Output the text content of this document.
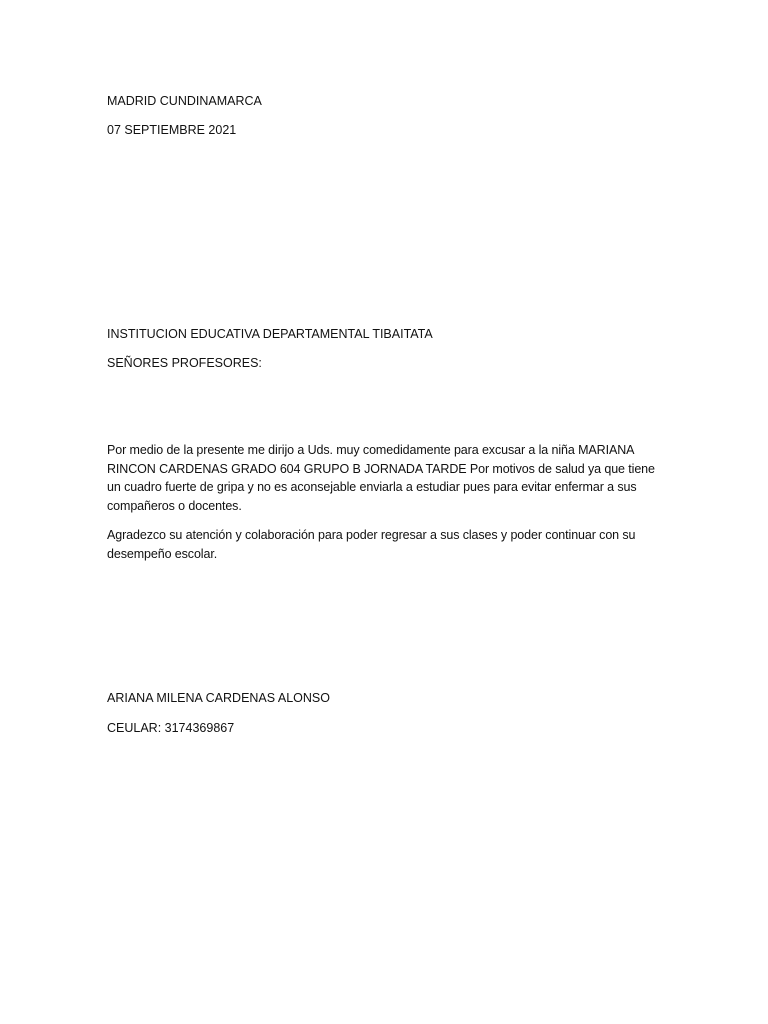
MADRID CUNDINAMARCA

07 SEPTIEMBRE 2021

INSTITUCION EDUCATIVA DEPARTAMENTAL TIBAITATA

SEÑORES PROFESORES:

Por medio de la presente me dirijo a Uds. muy comedidamente para excusar a la niña MARIANA RINCON CARDENAS GRADO 604 GRUPO B JORNADA TARDE Por motivos de salud ya que tiene un cuadro fuerte de gripa y no es aconsejable enviarla a estudiar pues para evitar enfermar a sus compañeros o docentes.

Agradezco su atención y colaboración para poder regresar a sus clases y poder continuar con su desempeño escolar.

ARIANA MILENA CARDENAS ALONSO

CEULAR: 3174369867
